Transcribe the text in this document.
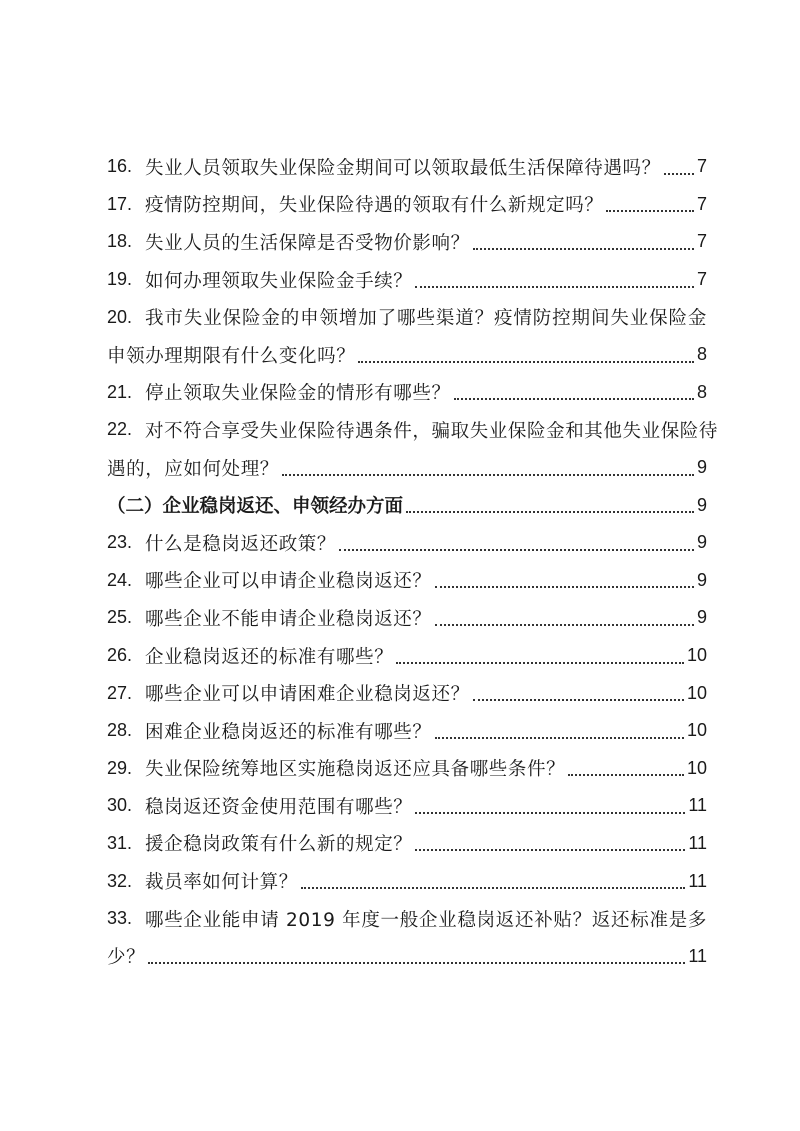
16. 失业人员领取失业保险金期间可以领取最低生活保障待遇吗？ 7
17. 疫情防控期间，失业保险待遇的领取有什么新规定吗？	7
18. 失业人员的生活保障是否受物价影响？	7
19. 如何办理领取失业保险金手续？	7
20. 我市失业保险金的申领增加了哪些渠道？疫情防控期间失业保险金
申领办理期限有什么变化吗？	8
21. 停止领取失业保险金的情形有哪些？	8
22. 对不符合享受失业保险待遇条件，骗取失业保险金和其他失业保险待
遇的，应如何处理？	9
（二）企业稳岗返还、申领经办方面	9
23. 什么是稳岗返还政策？	9
24. 哪些企业可以申请企业稳岗返还？	9
25. 哪些企业不能申请企业稳岗返还？	9
26. 企业稳岗返还的标准有哪些？	10
27. 哪些企业可以申请困难企业稳岗返还？	10
28. 困难企业稳岗返还的标准有哪些？	10
29. 失业保险统筹地区实施稳岗返还应具备哪些条件？	10
30. 稳岗返还资金使用范围有哪些？	11
31. 援企稳岗政策有什么新的规定？	11
32. 裁员率如何计算？	11
33. 哪些企业能申请 2019 年度一般企业稳岗返还补贴？返还标准是多
少？	11
